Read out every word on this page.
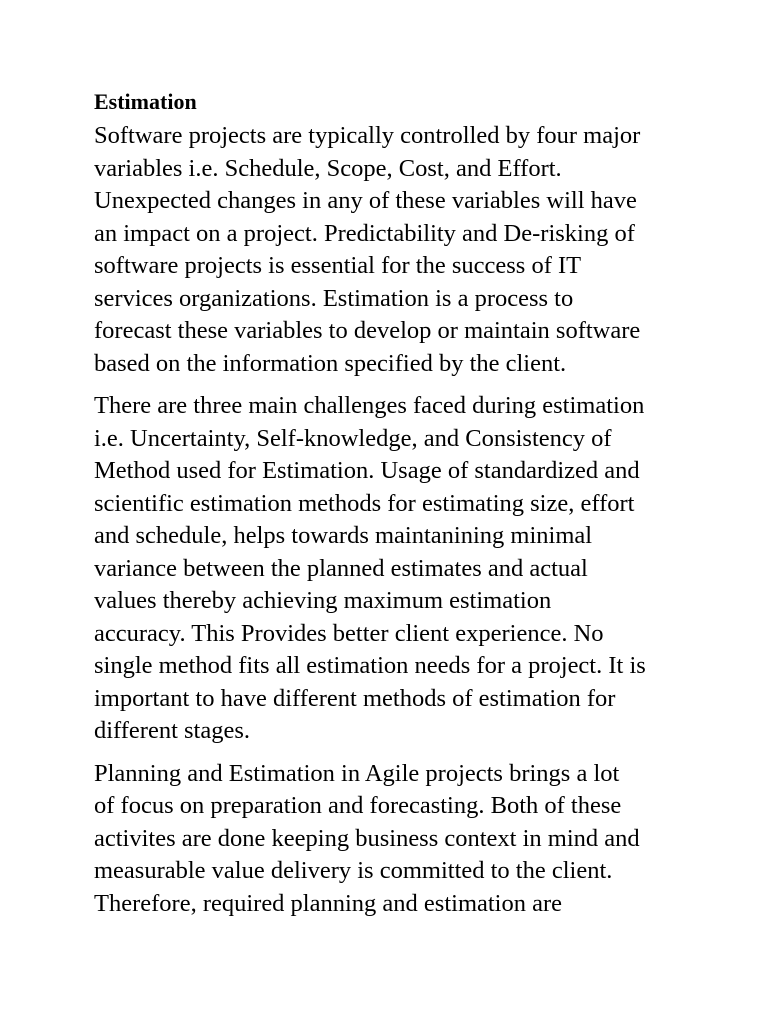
Estimation
Software projects are typically controlled by four major
variables i.e. Schedule, Scope, Cost, and Effort.
Unexpected changes in any of these variables will have
an impact on a project. Predictability and De-risking of
software projects is essential for the success of IT
services organizations. Estimation is a process to
forecast these variables to develop or maintain software
based on the information specified by the client.
There are three main challenges faced during estimation
i.e. Uncertainty, Self-knowledge, and Consistency of
Method used for Estimation. Usage of standardized and
scientific estimation methods for estimating size, effort
and schedule, helps towards maintanining minimal
variance between the planned estimates and actual
values thereby achieving maximum estimation
accuracy. This Provides better client experience. No
single method fits all estimation needs for a project. It is
important to have different methods of estimation for
different stages.
Planning and Estimation in Agile projects brings a lot
of focus on preparation and forecasting. Both of these
activites are done keeping business context in mind and
measurable value delivery is committed to the client.
Therefore, required planning and estimation are
